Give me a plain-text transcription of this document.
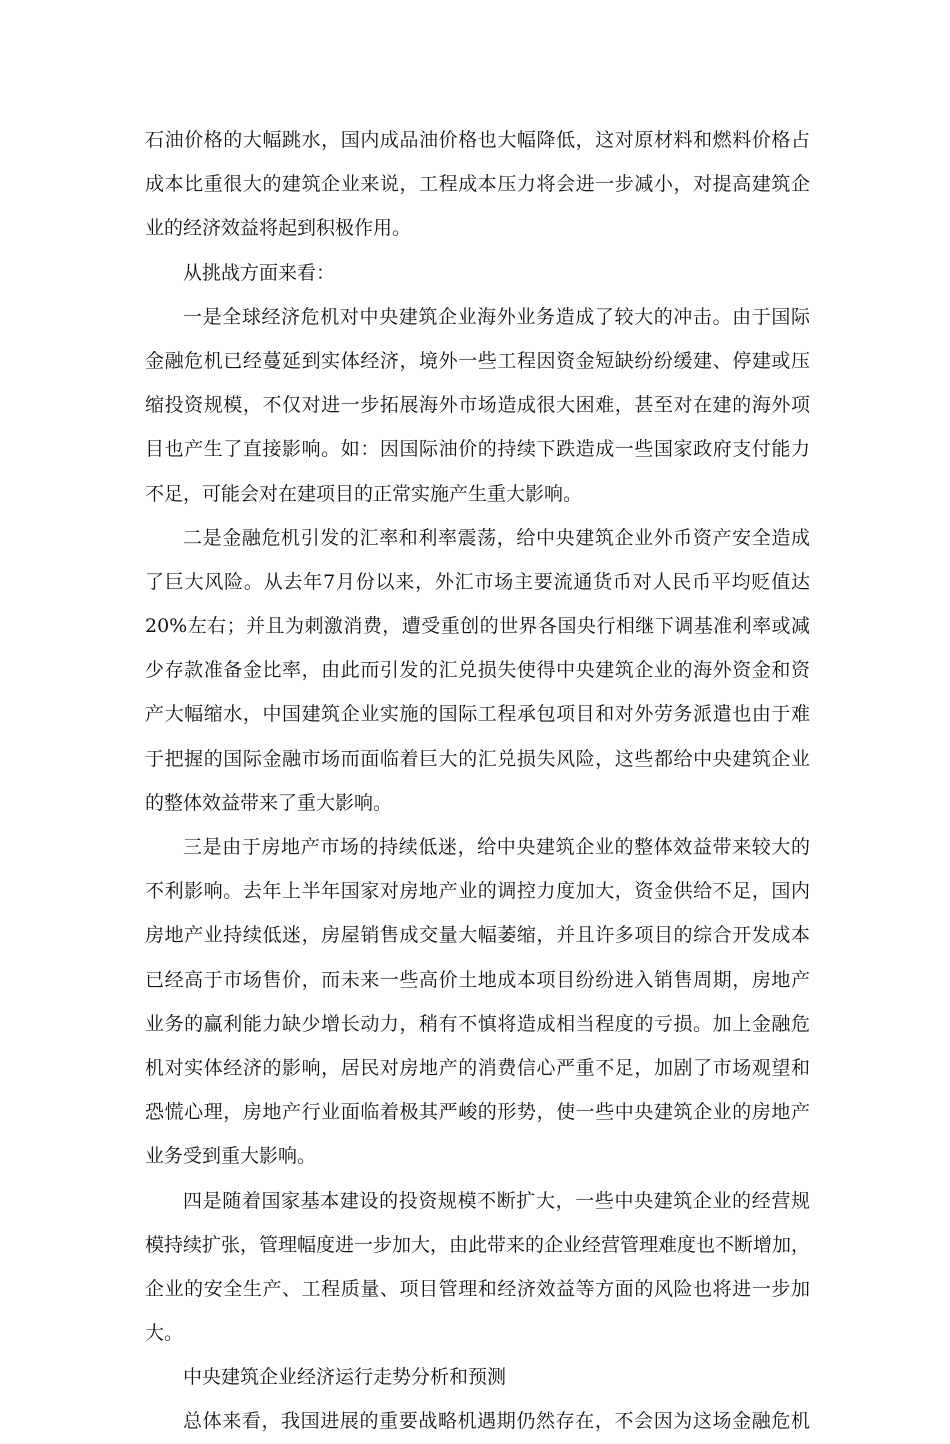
石油价格的大幅跳水，国内成品油价格也大幅降低，这对原材料和燃料价格占
成本比重很大的建筑企业来说，工程成本压力将会进一步减小，对提高建筑企
业的经济效益将起到积极作用。
从挑战方面来看：
一是全球经济危机对中央建筑企业海外业务造成了较大的冲击。由于国际
金融危机已经蔓延到实体经济，境外一些工程因资金短缺纷纷缓建、停建或压
缩投资规模，不仅对进一步拓展海外市场造成很大困难，甚至对在建的海外项
目也产生了直接影响。如：因国际油价的持续下跌造成一些国家政府支付能力
不足，可能会对在建项目的正常实施产生重大影响。
二是金融危机引发的汇率和利率震荡，给中央建筑企业外币资产安全造成
了巨大风险。从去年7月份以来，外汇市场主要流通货币对人民币平均贬值达
20%左右；并且为刺激消费，遭受重创的世界各国央行相继下调基准利率或减
少存款准备金比率，由此而引发的汇兑损失使得中央建筑企业的海外资金和资
产大幅缩水，中国建筑企业实施的国际工程承包项目和对外劳务派遣也由于难
于把握的国际金融市场而面临着巨大的汇兑损失风险，这些都给中央建筑企业
的整体效益带来了重大影响。
三是由于房地产市场的持续低迷，给中央建筑企业的整体效益带来较大的
不利影响。去年上半年国家对房地产业的调控力度加大，资金供给不足，国内
房地产业持续低迷，房屋销售成交量大幅萎缩，并且许多项目的综合开发成本
已经高于市场售价，而未来一些高价土地成本项目纷纷进入销售周期，房地产
业务的赢利能力缺少增长动力，稍有不慎将造成相当程度的亏损。加上金融危
机对实体经济的影响，居民对房地产的消费信心严重不足，加剧了市场观望和
恐慌心理，房地产行业面临着极其严峻的形势，使一些中央建筑企业的房地产
业务受到重大影响。
四是随着国家基本建设的投资规模不断扩大，一些中央建筑企业的经营规
模持续扩张，管理幅度进一步加大，由此带来的企业经营管理难度也不断增加，
企业的安全生产、工程质量、项目管理和经济效益等方面的风险也将进一步加
大。
中央建筑企业经济运行走势分析和预测
总体来看，我国进展的重要战略机遇期仍然存在，不会因为这场金融危机
